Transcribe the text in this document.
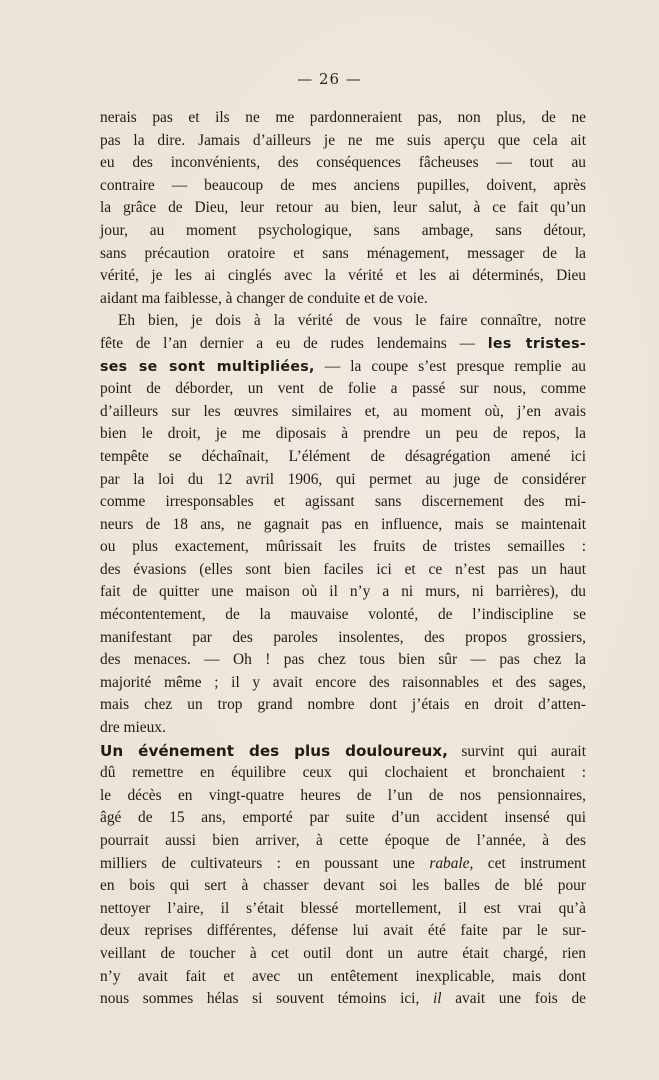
— 26 —
nerais pas et ils ne me pardonneraient pas, non plus, de ne
pas la dire. Jamais d’ailleurs je ne me suis aperçu que cela ait
eu des inconvénients, des conséquences fâcheuses — tout au
contraire — beaucoup de mes anciens pupilles, doivent, après
la grâce de Dieu, leur retour au bien, leur salut, à ce fait qu’un
jour, au moment psychologique, sans ambage, sans détour,
sans précaution oratoire et sans ménagement, messager de la
vérité, je les ai cinglés avec la vérité et les ai déterminés, Dieu
aidant ma faiblesse, à changer de conduite et de voie.
Eh bien, je dois à la vérité de vous le faire connaître, notre
fête de l’an dernier a eu de rudes lendemains — les tristes-
ses se sont multipliées, — la coupe s’est presque remplie au
point de déborder, un vent de folie a passé sur nous, comme
d’ailleurs sur les œuvres similaires et, au moment où, j’en avais
bien le droit, je me diposais à prendre un peu de repos, la
tempête se déchaînait, L’élément de désagrégation amené ici
par la loi du 12 avril 1906, qui permet au juge de considérer
comme irresponsables et agissant sans discernement des mi-
neurs de 18 ans, ne gagnait pas en influence, mais se maintenait
ou plus exactement, mûrissait les fruits de tristes semailles :
des évasions (elles sont bien faciles ici et ce n’est pas un haut
fait de quitter une maison où il n’y a ni murs, ni barrières), du
mécontentement, de la mauvaise volonté, de l’indiscipline se
manifestant par des paroles insolentes, des propos grossiers,
des menaces. — Oh ! pas chez tous bien sûr — pas chez la
majorité même ; il y avait encore des raisonnables et des sages,
mais chez un trop grand nombre dont j’étais en droit d’atten-
dre mieux.
Un événement des plus douloureux, survint qui aurait
dû remettre en équilibre ceux qui clochaient et bronchaient :
le décès en vingt-quatre heures de l’un de nos pensionnaires,
âgé de 15 ans, emporté par suite d’un accident insensé qui
pourrait aussi bien arriver, à cette époque de l’année, à des
milliers de cultivateurs : en poussant une rabale, cet instrument
en bois qui sert à chasser devant soi les balles de blé pour
nettoyer l’aire, il s’était blessé mortellement, il est vrai qu’à
deux reprises différentes, défense lui avait été faite par le sur-
veillant de toucher à cet outil dont un autre était chargé, rien
n’y avait fait et avec un entêtement inexplicable, mais dont
nous sommes hélas si souvent témoins ici, il avait une fois de
